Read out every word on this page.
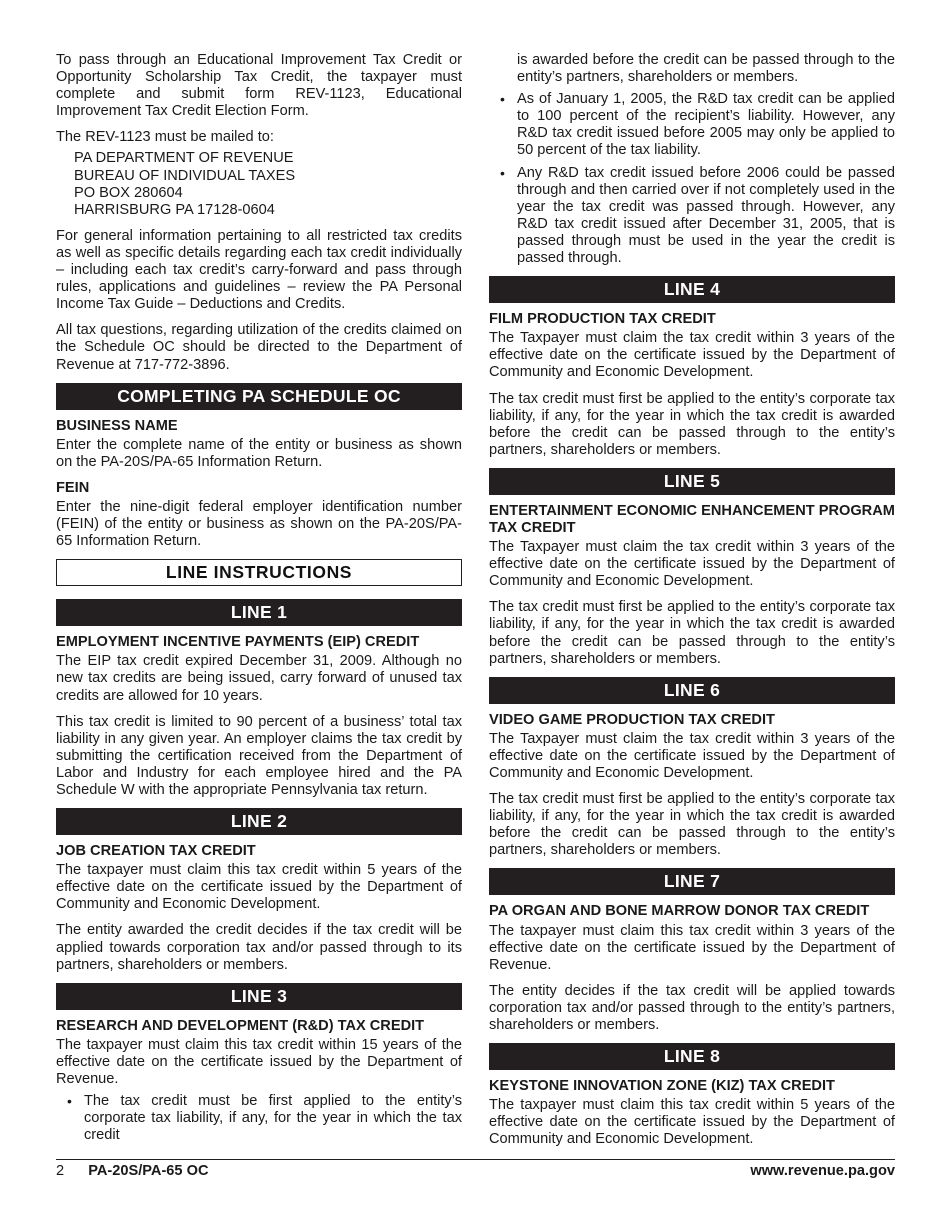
To pass through an Educational Improvement Tax Credit or Opportunity Scholarship Tax Credit, the taxpayer must complete and submit form REV-1123, Educational Improvement Tax Credit Election Form.

The REV-1123 must be mailed to:

PA DEPARTMENT OF REVENUE
BUREAU OF INDIVIDUAL TAXES
PO BOX 280604
HARRISBURG PA 17128-0604

For general information pertaining to all restricted tax credits as well as specific details regarding each tax credit individually – including each tax credit’s carry-forward and pass through rules, applications and guidelines – review the PA Personal Income Tax Guide – Deductions and Credits.

All tax questions, regarding utilization of the credits claimed on the Schedule OC should be directed to the Department of Revenue at 717-772-3896.

COMPLETING PA SCHEDULE OC
BUSINESS NAME

Enter the complete name of the entity or business as shown on the PA-20S/PA-65 Information Return.

FEIN

Enter the nine-digit federal employer identification number (FEIN) of the entity or business as shown on the PA-20S/PA-65 Information Return.

LINE INSTRUCTIONS
LINE 1
EMPLOYMENT INCENTIVE PAYMENTS (EIP) CREDIT

The EIP tax credit expired December 31, 2009. Although no new tax credits are being issued, carry forward of unused tax credits are allowed for 10 years.

This tax credit is limited to 90 percent of a business’ total tax liability in any given year. An employer claims the tax credit by submitting the certification received from the Department of Labor and Industry for each employee hired and the PA Schedule W with the appropriate Pennsylvania tax return.

LINE 2
JOB CREATION TAX CREDIT

The taxpayer must claim this tax credit within 5 years of the effective date on the certificate issued by the Department of Community and Economic Development.

The entity awarded the credit decides if the tax credit will be applied towards corporation tax and/or passed through to its partners, shareholders or members.

LINE 3
RESEARCH AND DEVELOPMENT (R&D) TAX CREDIT

The taxpayer must claim this tax credit within 15 years of the effective date on the certificate issued by the Department of Revenue.

• The tax credit must be first applied to the entity’s corporate tax liability, if any, for the year in which the tax credit

is awarded before the credit can be passed through to the entity’s partners, shareholders or members.

• As of January 1, 2005, the R&D tax credit can be applied to 100 percent of the recipient’s liability. However, any R&D tax credit issued before 2005 may only be applied to 50 percent of the tax liability.
• Any R&D tax credit issued before 2006 could be passed through and then carried over if not completely used in the year the tax credit was passed through. However, any R&D tax credit issued after December 31, 2005, that is passed through must be used in the year the credit is passed through.
LINE 4
FILM PRODUCTION TAX CREDIT

The Taxpayer must claim the tax credit within 3 years of the effective date on the certificate issued by the Department of Community and Economic Development.

The tax credit must first be applied to the entity’s corporate tax liability, if any, for the year in which the tax credit is awarded before the credit can be passed through to the entity’s partners, shareholders or members.

LINE 5
ENTERTAINMENT ECONOMIC ENHANCEMENT PROGRAM TAX CREDIT

The Taxpayer must claim the tax credit within 3 years of the effective date on the certificate issued by the Department of Community and Economic Development.

The tax credit must first be applied to the entity’s corporate tax liability, if any, for the year in which the tax credit is awarded before the credit can be passed through to the entity’s partners, shareholders or members.

LINE 6
VIDEO GAME PRODUCTION TAX CREDIT

The Taxpayer must claim the tax credit within 3 years of the effective date on the certificate issued by the Department of Community and Economic Development.

The tax credit must first be applied to the entity’s corporate tax liability, if any, for the year in which the tax credit is awarded before the credit can be passed through to the entity’s partners, shareholders or members.

LINE 7
PA ORGAN AND BONE MARROW DONOR TAX CREDIT

The taxpayer must claim this tax credit within 3 years of the effective date on the certificate issued by the Department of Revenue.

The entity decides if the tax credit will be applied towards corporation tax and/or passed through to the entity’s partners, shareholders or members.

LINE 8
KEYSTONE INNOVATION ZONE (KIZ) TAX CREDIT

The taxpayer must claim this tax credit within 5 years of the effective date on the certificate issued by the Department of Community and Economic Development.

2 PA-20S/PA-65 OC	www.revenue.pa.gov
